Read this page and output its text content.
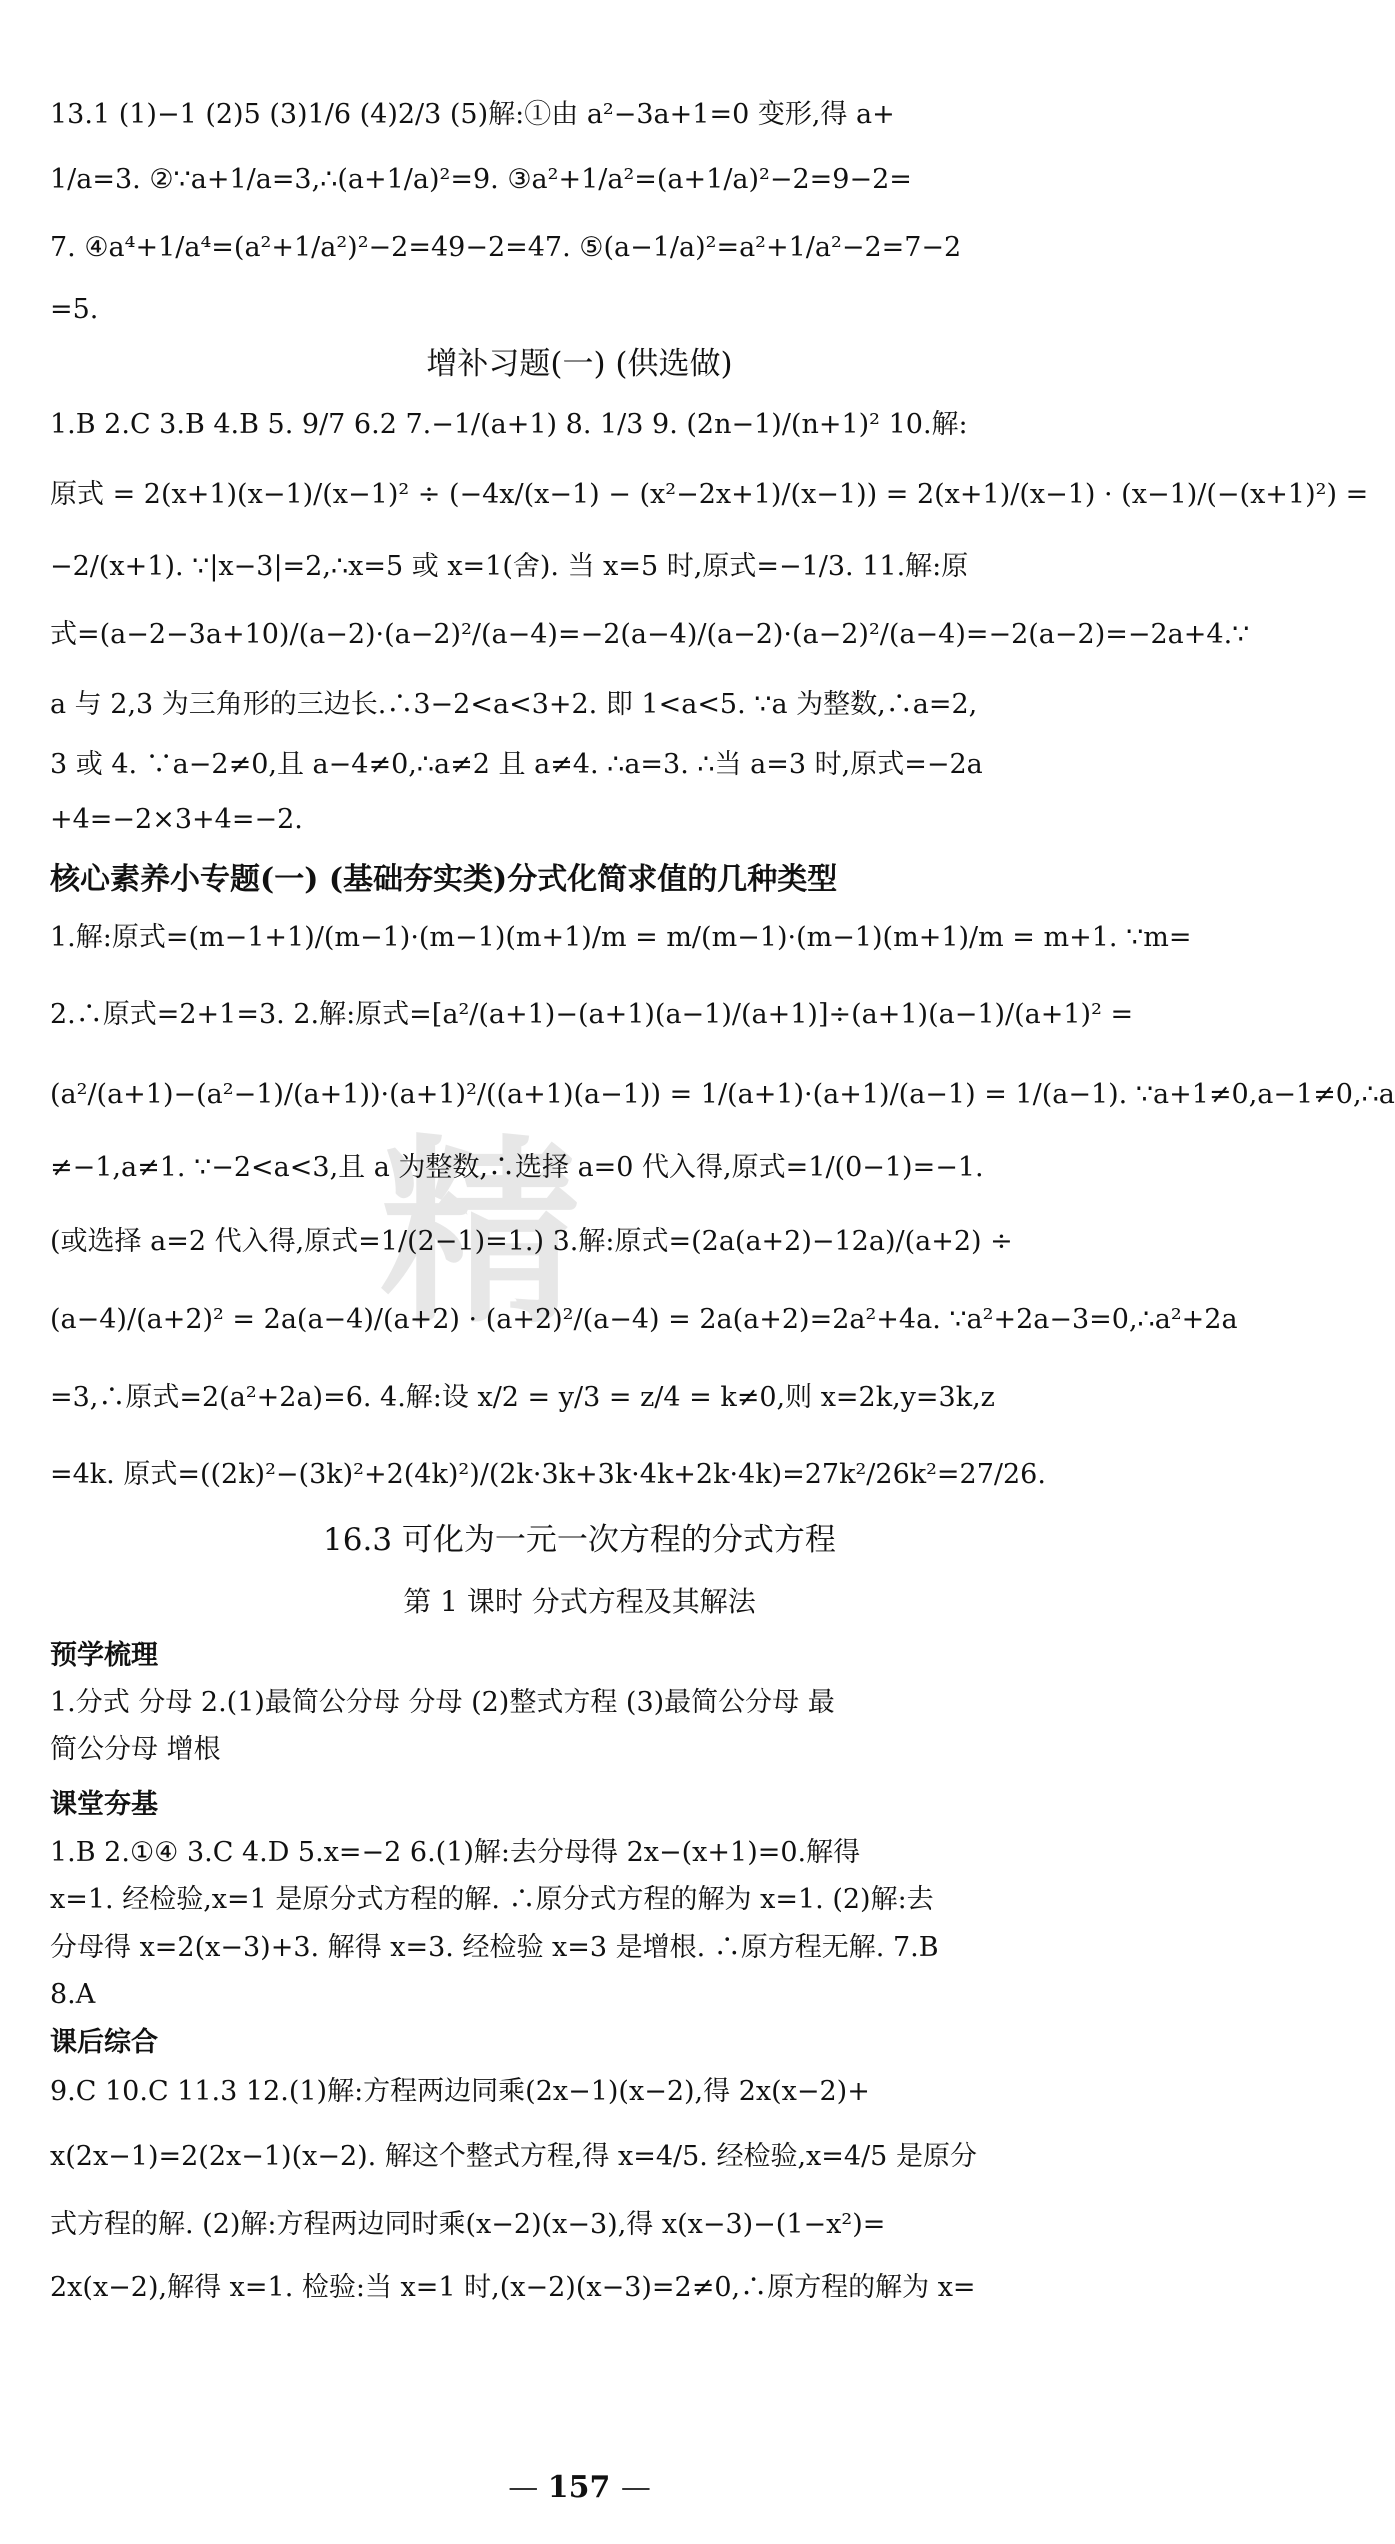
精
13.1 (1)−1 (2)5 (3)1/6 (4)2/3 (5)解:①由 a²−3a+1=0 变形,得 a+
1/a=3. ②∵a+1/a=3,∴(a+1/a)²=9. ③a²+1/a²=(a+1/a)²−2=9−2=
7. ④a⁴+1/a⁴=(a²+1/a²)²−2=49−2=47. ⑤(a−1/a)²=a²+1/a²−2=7−2
=5.
增补习题(一) (供选做)
1.B 2.C 3.B 4.B 5. 9/7 6.2 7.−1/(a+1) 8. 1/3 9. (2n−1)/(n+1)² 10.解:
原式 = 2(x+1)(x−1)/(x−1)² ÷ (−4x/(x−1) − (x²−2x+1)/(x−1)) = 2(x+1)/(x−1) · (x−1)/(−(x+1)²) =
−2/(x+1). ∵|x−3|=2,∴x=5 或 x=1(舍). 当 x=5 时,原式=−1/3. 11.解:原
式=(a−2−3a+10)/(a−2)·(a−2)²/(a−4)=−2(a−4)/(a−2)·(a−2)²/(a−4)=−2(a−2)=−2a+4.∵
a 与 2,3 为三角形的三边长.∴3−2<a<3+2. 即 1<a<5. ∵a 为整数,∴a=2,
3 或 4. ∵a−2≠0,且 a−4≠0,∴a≠2 且 a≠4. ∴a=3. ∴当 a=3 时,原式=−2a
+4=−2×3+4=−2.
核心素养小专题(一) (基础夯实类)分式化简求值的几种类型
1.解:原式=(m−1+1)/(m−1)·(m−1)(m+1)/m = m/(m−1)·(m−1)(m+1)/m = m+1. ∵m=
2.∴原式=2+1=3. 2.解:原式=[a²/(a+1)−(a+1)(a−1)/(a+1)]÷(a+1)(a−1)/(a+1)² =
(a²/(a+1)−(a²−1)/(a+1))·(a+1)²/((a+1)(a−1)) = 1/(a+1)·(a+1)/(a−1) = 1/(a−1). ∵a+1≠0,a−1≠0,∴a
≠−1,a≠1. ∵−2<a<3,且 a 为整数,∴选择 a=0 代入得,原式=1/(0−1)=−1.
(或选择 a=2 代入得,原式=1/(2−1)=1.) 3.解:原式=(2a(a+2)−12a)/(a+2) ÷
(a−4)/(a+2)² = 2a(a−4)/(a+2) · (a+2)²/(a−4) = 2a(a+2)=2a²+4a. ∵a²+2a−3=0,∴a²+2a
=3,∴原式=2(a²+2a)=6. 4.解:设 x/2 = y/3 = z/4 = k≠0,则 x=2k,y=3k,z
=4k. 原式=((2k)²−(3k)²+2(4k)²)/(2k·3k+3k·4k+2k·4k)=27k²/26k²=27/26.
16.3 可化为一元一次方程的分式方程
第 1 课时 分式方程及其解法
预学梳理
1.分式 分母 2.(1)最简公分母 分母 (2)整式方程 (3)最简公分母 最
简公分母 增根
课堂夯基
1.B 2.①④ 3.C 4.D 5.x=−2 6.(1)解:去分母得 2x−(x+1)=0.解得
x=1. 经检验,x=1 是原分式方程的解. ∴原分式方程的解为 x=1. (2)解:去
分母得 x=2(x−3)+3. 解得 x=3. 经检验 x=3 是增根. ∴原方程无解. 7.B
8.A
课后综合
9.C 10.C 11.3 12.(1)解:方程两边同乘(2x−1)(x−2),得 2x(x−2)+
x(2x−1)=2(2x−1)(x−2). 解这个整式方程,得 x=4/5. 经检验,x=4/5 是原分
式方程的解. (2)解:方程两边同时乘(x−2)(x−3),得 x(x−3)−(1−x²)=
2x(x−2),解得 x=1. 检验:当 x=1 时,(x−2)(x−3)=2≠0,∴原方程的解为 x=
— 157 —
